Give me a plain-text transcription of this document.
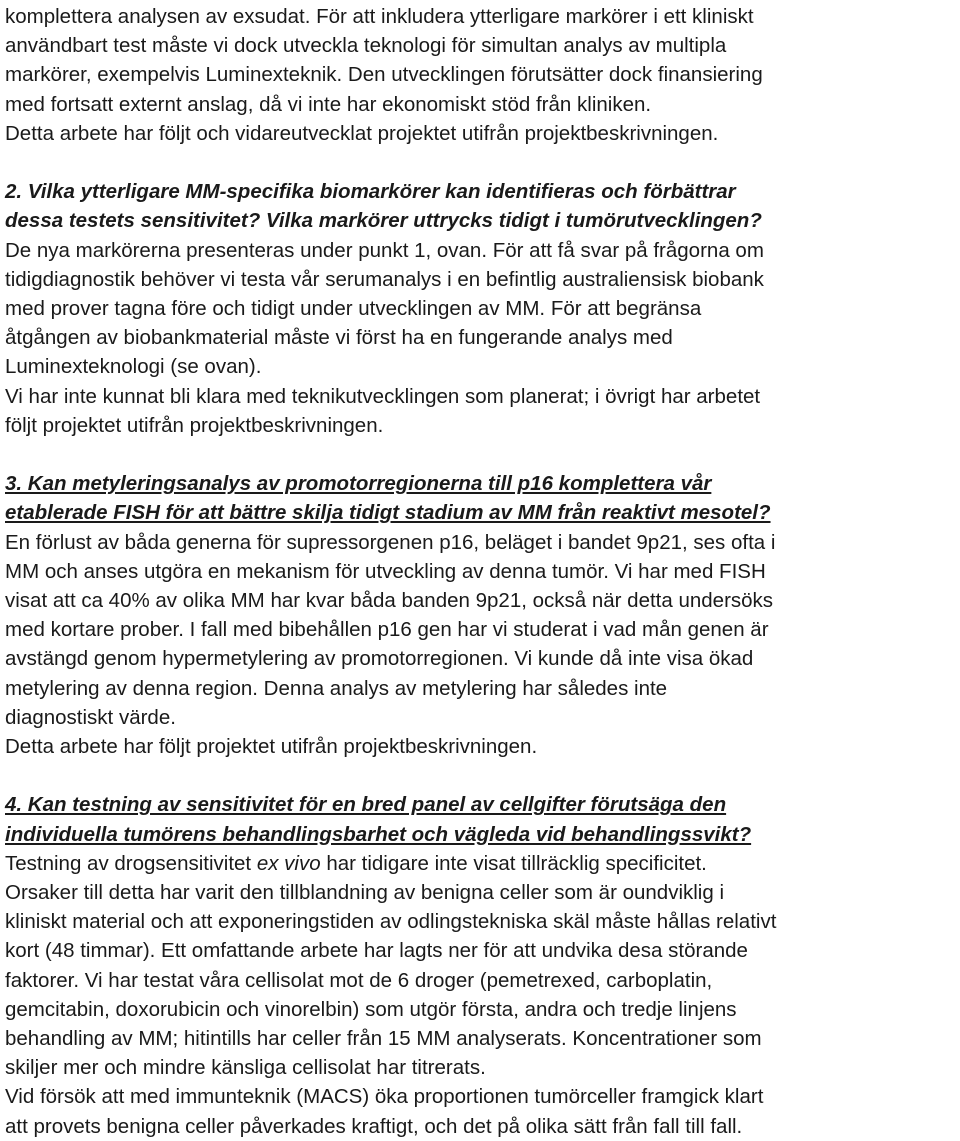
komplettera analysen av exsudat. För att inkludera ytterligare markörer i ett kliniskt
användbart test måste vi dock utveckla teknologi för simultan analys av multipla
markörer, exempelvis Luminexteknik. Den utvecklingen förutsätter dock finansiering
med fortsatt externt anslag, då vi inte har ekonomiskt stöd från kliniken.
Detta arbete har följt och vidareutvecklat projektet utifrån projektbeskrivningen.
2. Vilka ytterligare MM-specifika biomarkörer kan identifieras och förbättrar
dessa testets sensitivitet? Vilka markörer uttrycks tidigt i tumörutvecklingen?
De nya markörerna presenteras under punkt 1, ovan. För att få svar på frågorna om
tidigdiagnostik behöver vi testa vår serumanalys i en befintlig australiensisk biobank
med prover tagna före och tidigt under utvecklingen av MM. För att begränsa
åtgången av biobankmaterial måste vi först ha en fungerande analys med
Luminexteknologi (se ovan).
Vi har inte kunnat bli klara med teknikutvecklingen som planerat; i övrigt har arbetet
följt projektet utifrån projektbeskrivningen.
3. Kan metyleringsanalys av promotorregionerna till p16 komplettera vår
etablerade FISH för att bättre skilja tidigt stadium av MM från reaktivt mesotel?
En förlust av båda generna för supressorgenen p16, beläget i bandet 9p21, ses ofta i
MM och anses utgöra en mekanism för utveckling av denna tumör. Vi har med FISH
visat att ca 40% av olika MM har kvar båda banden 9p21, också när detta undersöks
med kortare prober. I fall med bibehållen p16 gen har vi studerat i vad mån genen är
avstängd genom hypermetylering av promotorregionen. Vi kunde då inte visa ökad
metylering av denna region. Denna analys av metylering har således inte
diagnostiskt värde.
Detta arbete har följt projektet utifrån projektbeskrivningen.
4. Kan testning av sensitivitet för en bred panel av cellgifter förutsäga den
individuella tumörens behandlingsbarhet och vägleda vid behandlingssvikt?
Testning av drogsensitivitet ex vivo har tidigare inte visat tillräcklig specificitet.
Orsaker till detta har varit den tillblandning av benigna celler som är oundviklig i
kliniskt material och att exponeringstiden av odlingstekniska skäl måste hållas relativt
kort (48 timmar). Ett omfattande arbete har lagts ner för att undvika desa störande
faktorer. Vi har testat våra cellisolat mot de 6 droger (pemetrexed, carboplatin,
gemcitabin, doxorubicin och vinorelbin) som utgör första, andra och tredje linjens
behandling av MM; hitintills har celler från 15 MM analyserats. Koncentrationer som
skiljer mer och mindre känsliga cellisolat har titrerats.
Vid försök att med immunteknik (MACS) öka proportionen tumörceller framgick klart
att provets benigna celler påverkades kraftigt, och det på olika sätt från fall till fall.
